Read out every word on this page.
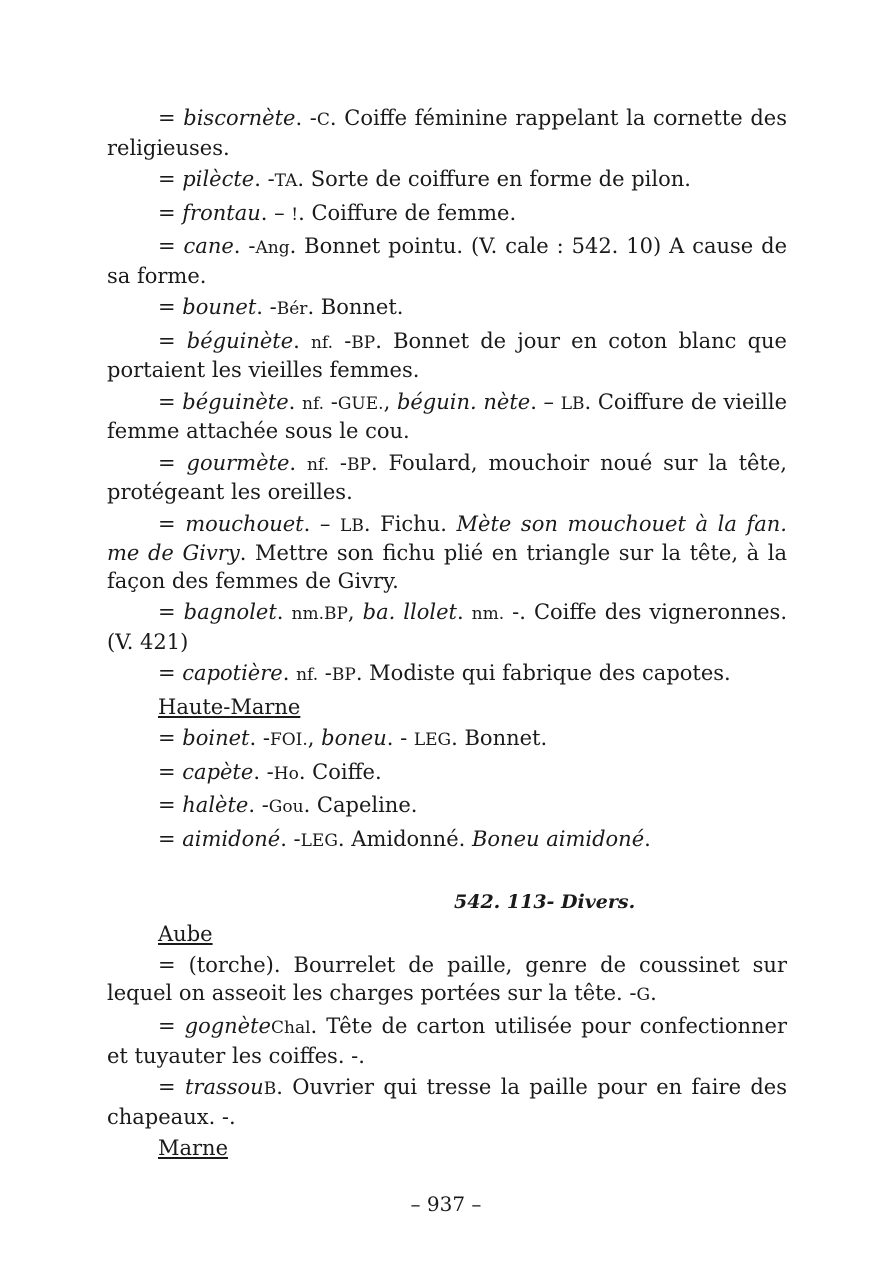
= biscornète. -C. Coiffe féminine rappelant la cornette des religieuses.
= pilècte. -TA. Sorte de coiffure en forme de pilon.
= frontau. – !. Coiffure de femme.
= cane. -Ang. Bonnet pointu. (V. cale : 542. 10) A cause de sa forme.
= bounet. -Bér. Bonnet.
= béguinète. nf. -BP. Bonnet de jour en coton blanc que portaient les vieilles femmes.
= béguinète. nf. -GUE., béguin. nète. – LB. Coiffure de vieille femme attachée sous le cou.
= gourmète. nf. -BP. Foulard, mouchoir noué sur la tête, protégeant les oreilles.
= mouchouet. – LB. Fichu. Mète son mouchouet à la fan. me de Givry. Mettre son fichu plié en triangle sur la tête, à la façon des femmes de Givry.
= bagnolet. nm.BP, ba. llolet. nm. -. Coiffe des vigneronnes. (V. 421)
= capotière. nf. -BP. Modiste qui fabrique des capotes.
Haute-Marne
= boinet. -FOI., boneu. - LEG. Bonnet.
= capète. -Ho. Coiffe.
= halète. -Gou. Capeline.
= aimidoné. -LEG. Amidonné. Boneu aimidoné.
542. 113- Divers.
Aube
= (torche). Bourrelet de paille, genre de coussinet sur lequel on asseoit les charges portées sur la tête. -G.
= gognèteChal. Tête de carton utilisée pour confectionner et tuyauter les coiffes. -.
= trassouB. Ouvrier qui tresse la paille pour en faire des chapeaux. -.
Marne
– 937 –
